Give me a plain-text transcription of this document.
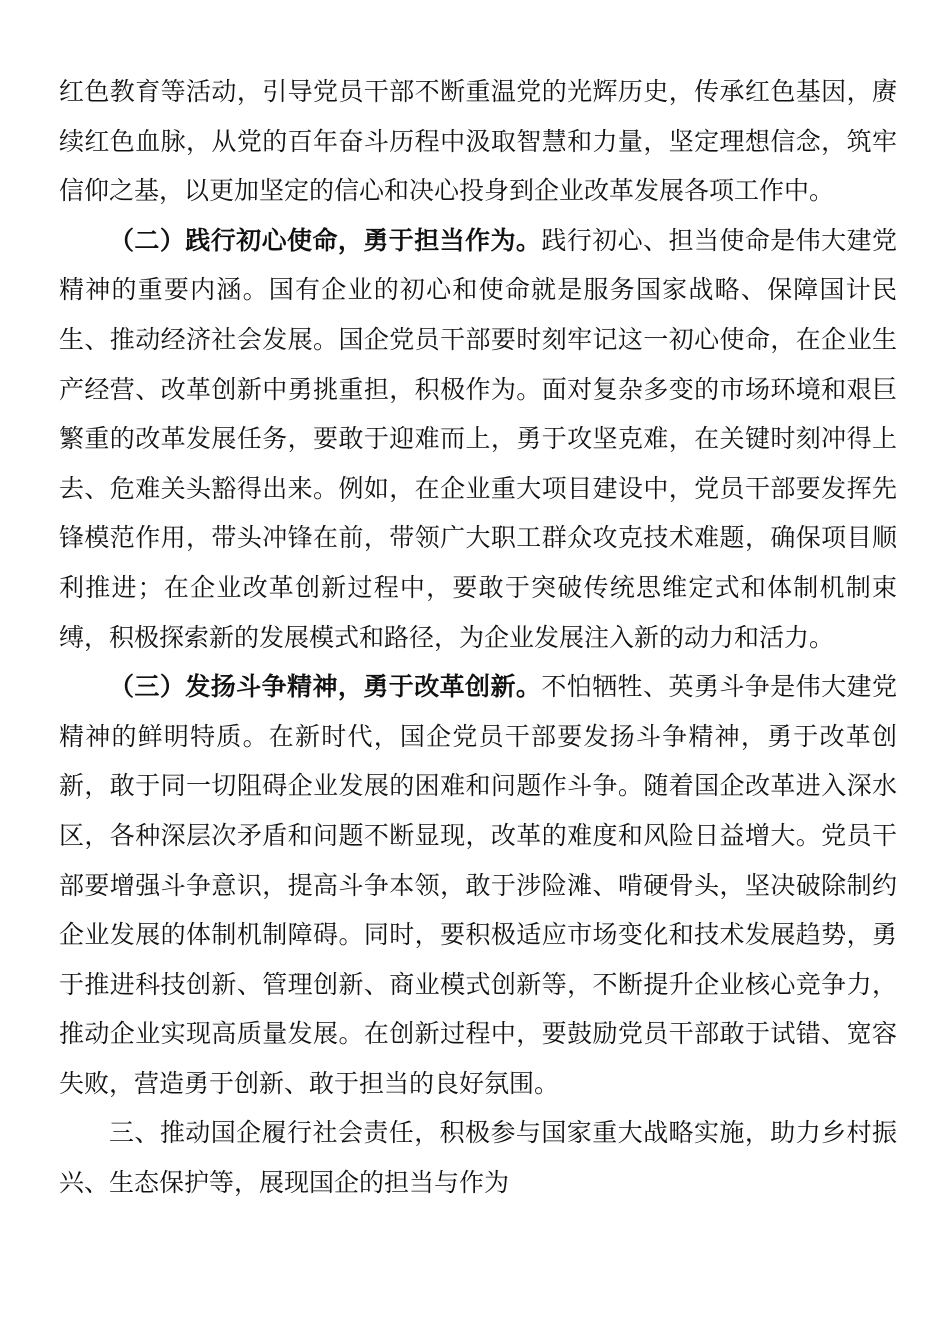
红色教育等活动，引导党员干部不断重温党的光辉历史，传承红色基因，赓续红色血脉，从党的百年奋斗历程中汲取智慧和力量，坚定理想信念，筑牢信仰之基，以更加坚定的信心和决心投身到企业改革发展各项工作中。

（二）践行初心使命，勇于担当作为。践行初心、担当使命是伟大建党精神的重要内涵。国有企业的初心和使命就是服务国家战略、保障国计民生、推动经济社会发展。国企党员干部要时刻牢记这一初心使命，在企业生产经营、改革创新中勇挑重担，积极作为。面对复杂多变的市场环境和艰巨繁重的改革发展任务，要敢于迎难而上，勇于攻坚克难，在关键时刻冲得上去、危难关头豁得出来。例如，在企业重大项目建设中，党员干部要发挥先锋模范作用，带头冲锋在前，带领广大职工群众攻克技术难题，确保项目顺利推进；在企业改革创新过程中，要敢于突破传统思维定式和体制机制束缚，积极探索新的发展模式和路径，为企业发展注入新的动力和活力。

（三）发扬斗争精神，勇于改革创新。不怕牺牲、英勇斗争是伟大建党精神的鲜明特质。在新时代，国企党员干部要发扬斗争精神，勇于改革创新，敢于同一切阻碍企业发展的困难和问题作斗争。随着国企改革进入深水区，各种深层次矛盾和问题不断显现，改革的难度和风险日益增大。党员干部要增强斗争意识，提高斗争本领，敢于涉险滩、啃硬骨头，坚决破除制约企业发展的体制机制障碍。同时，要积极适应市场变化和技术发展趋势，勇于推进科技创新、管理创新、商业模式创新等，不断提升企业核心竞争力，推动企业实现高质量发展。在创新过程中，要鼓励党员干部敢于试错、宽容失败，营造勇于创新、敢于担当的良好氛围。

三、推动国企履行社会责任，积极参与国家重大战略实施，助力乡村振兴、生态保护等，展现国企的担当与作为
